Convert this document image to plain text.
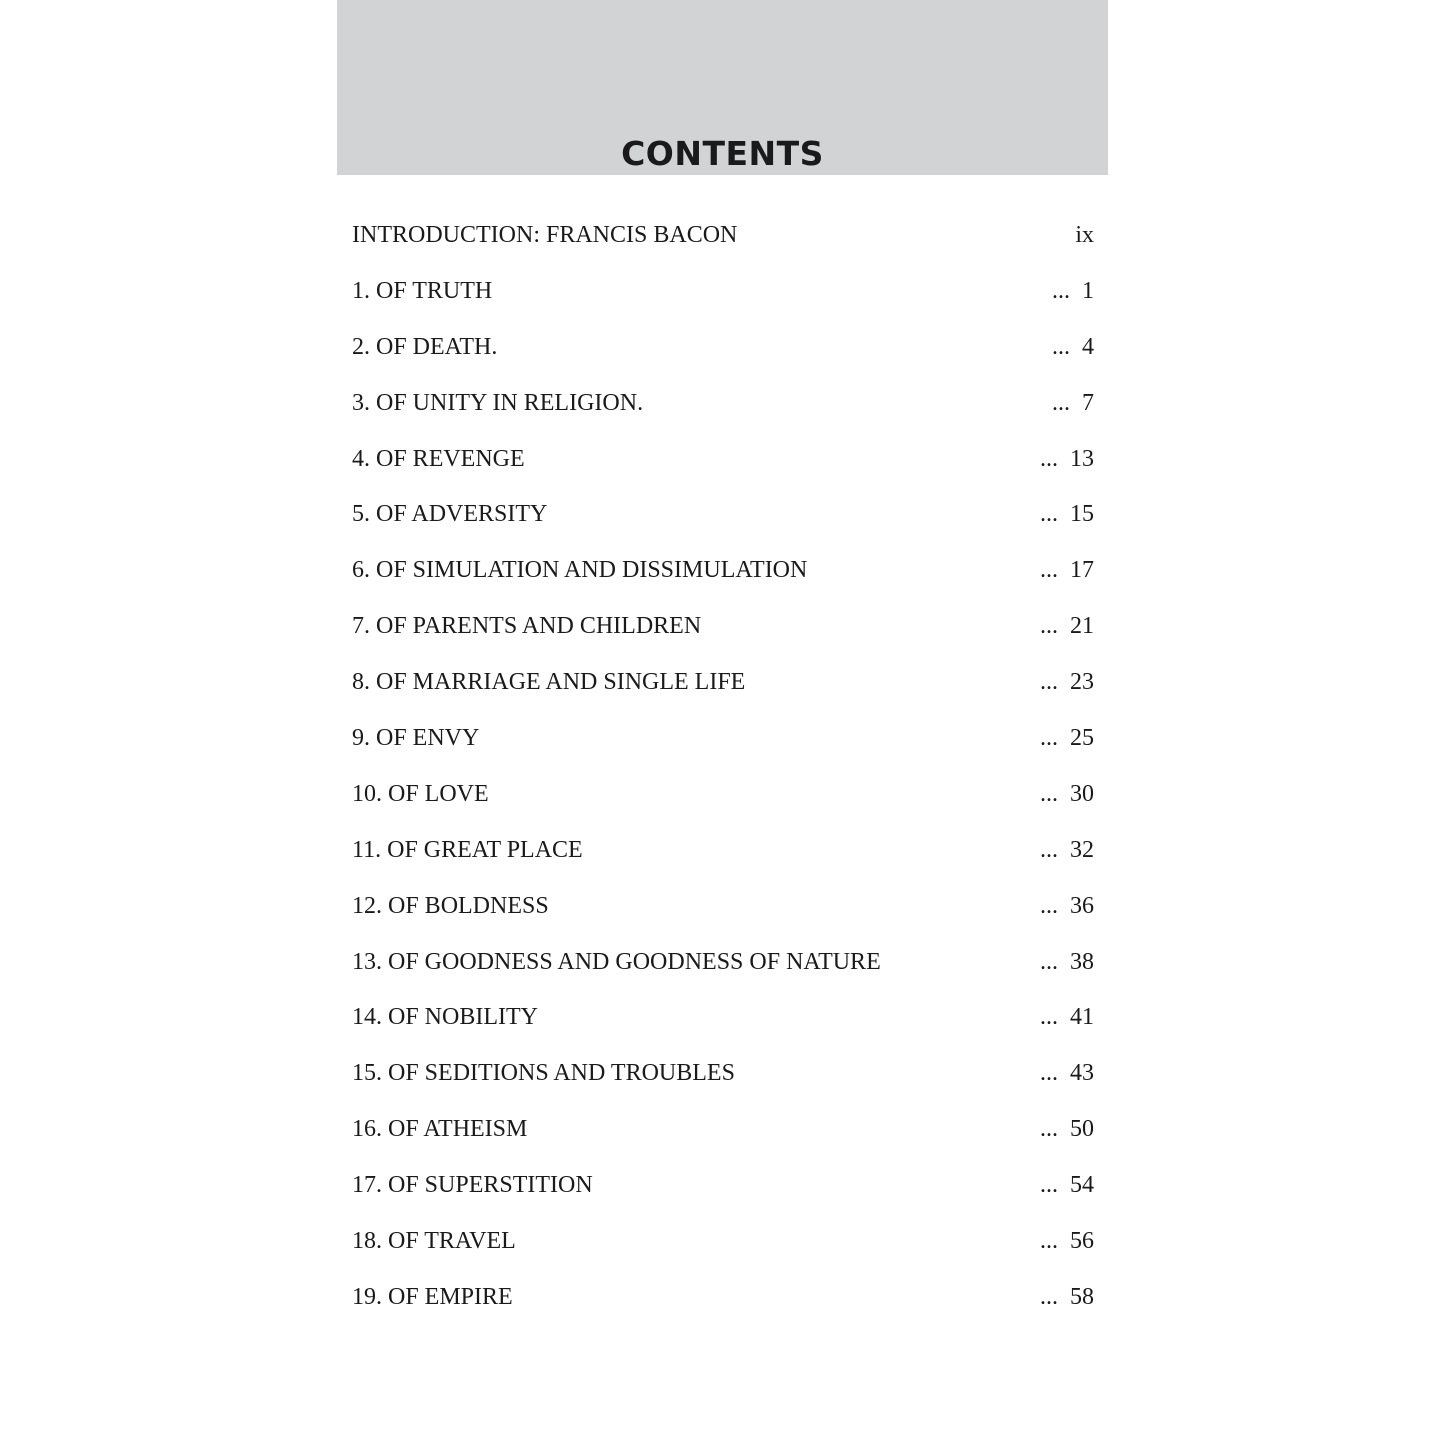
CONTENTS
INTRODUCTION: FRANCIS BACON	ix
1. OF TRUTH	... 1
2. OF DEATH.	... 4
3. OF UNITY IN RELIGION.	... 7
4. OF REVENGE	... 13
5. OF ADVERSITY	... 15
6. OF SIMULATION AND DISSIMULATION	... 17
7. OF PARENTS AND CHILDREN	... 21
8. OF MARRIAGE AND SINGLE LIFE	... 23
9. OF ENVY	... 25
10. OF LOVE	... 30
11. OF GREAT PLACE	... 32
12. OF BOLDNESS	... 36
13. OF GOODNESS AND GOODNESS OF NATURE	... 38
14. OF NOBILITY	... 41
15. OF SEDITIONS AND TROUBLES	... 43
16. OF ATHEISM	... 50
17. OF SUPERSTITION	... 54
18. OF TRAVEL	... 56
19. OF EMPIRE	... 58
